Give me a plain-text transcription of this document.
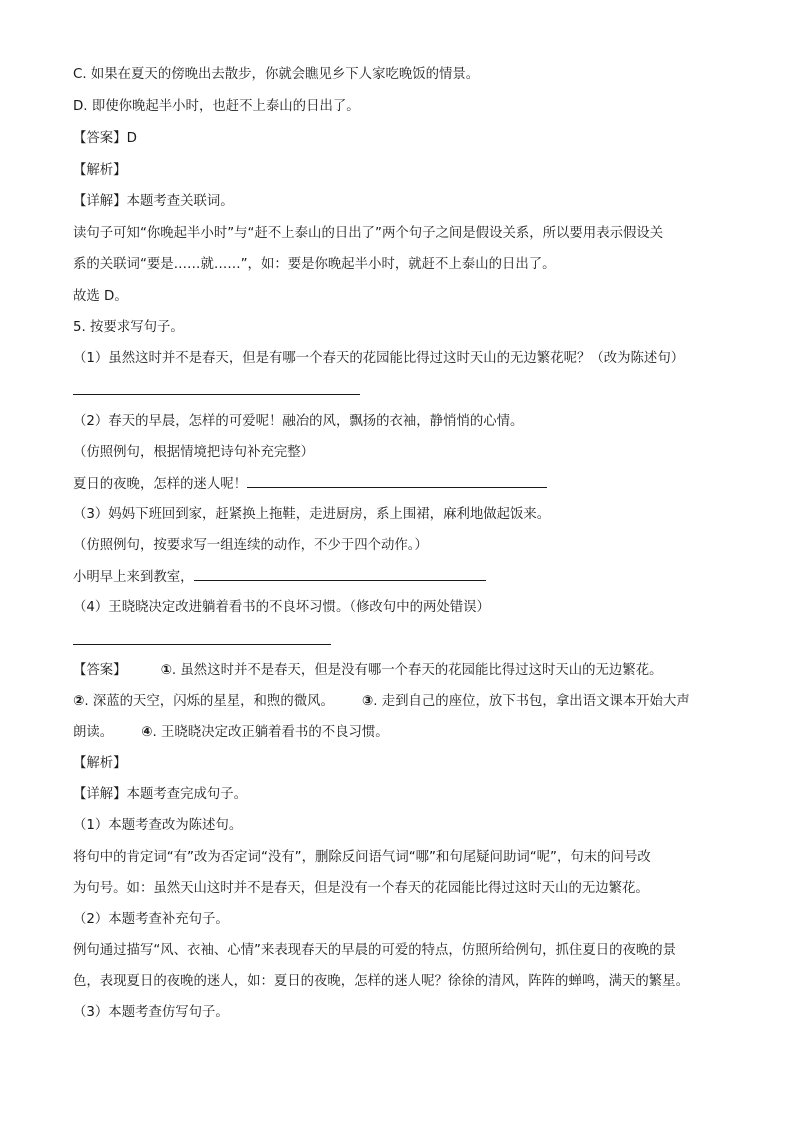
C. 如果在夏天的傍晚出去散步，你就会瞧见乡下人家吃晚饭的情景。

D. 即使你晚起半小时，也赶不上泰山的日出了。

【答案】D

【解析】

【详解】本题考查关联词。

读句子可知“你晚起半小时”与“赶不上泰山的日出了”两个句子之间是假设关系，所以要用表示假设关

系的关联词“要是……就……”，如：要是你晚起半小时，就赶不上泰山的日出了。

故选 D。

5. 按要求写句子。

（1）虽然这时并不是春天，但是有哪一个春天的花园能比得过这时天山的无边繁花呢？（改为陈述句）

（2）春天的早晨，怎样的可爱呢！融冶的风，飘扬的衣袖，静悄悄的心情。

（仿照例句，根据情境把诗句补充完整）

夏日的夜晚，怎样的迷人呢！

（3）妈妈下班回到家，赶紧换上拖鞋，走进厨房，系上围裙，麻利地做起饭来。

（仿照例句，按要求写一组连续的动作，不少于四个动作。）

小明早上来到教室，

（4）王晓晓决定改进躺着看书的不良坏习惯。（修改句中的两处错误）

【答案】	①. 虽然这时并不是春天，但是没有哪一个春天的花园能比得过这时天山的无边繁花。

②. 深蓝的天空，闪烁的星星，和煦的微风。 ③. 走到自己的座位，放下书包，拿出语文课本开始大声

朗读。 ④. 王晓晓决定改正躺着看书的不良习惯。

【解析】

【详解】本题考查完成句子。

（1）本题考查改为陈述句。

将句中的肯定词“有”改为否定词“没有”，删除反问语气词“哪”和句尾疑问助词“呢”，句末的问号改

为句号。如：虽然天山这时并不是春天，但是没有一个春天的花园能比得过这时天山的无边繁花。

（2）本题考查补充句子。

例句通过描写“风、衣袖、心情”来表现春天的早晨的可爱的特点，仿照所给例句，抓住夏日的夜晚的景

色，表现夏日的夜晚的迷人，如：夏日的夜晚，怎样的迷人呢？徐徐的清风，阵阵的蝉鸣，满天的繁星。

（3）本题考查仿写句子。
